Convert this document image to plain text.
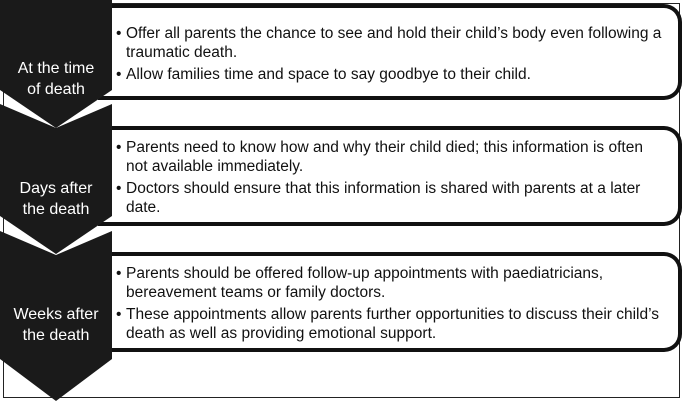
• Offer all parents the chance to see and hold their child’s body even following a traumatic death.
• Allow families time and space to say goodbye to their child.
At the time
of death
• Parents need to know how and why their child died; this information is often not available immediately.
• Doctors should ensure that this information is shared with parents at a later date.
Days after
the death
• Parents should be offered follow-up appointments with paediatricians, bereavement teams or family doctors.
• These appointments allow parents further opportunities to discuss their child’s death as well as providing emotional support.
Weeks after
the death
